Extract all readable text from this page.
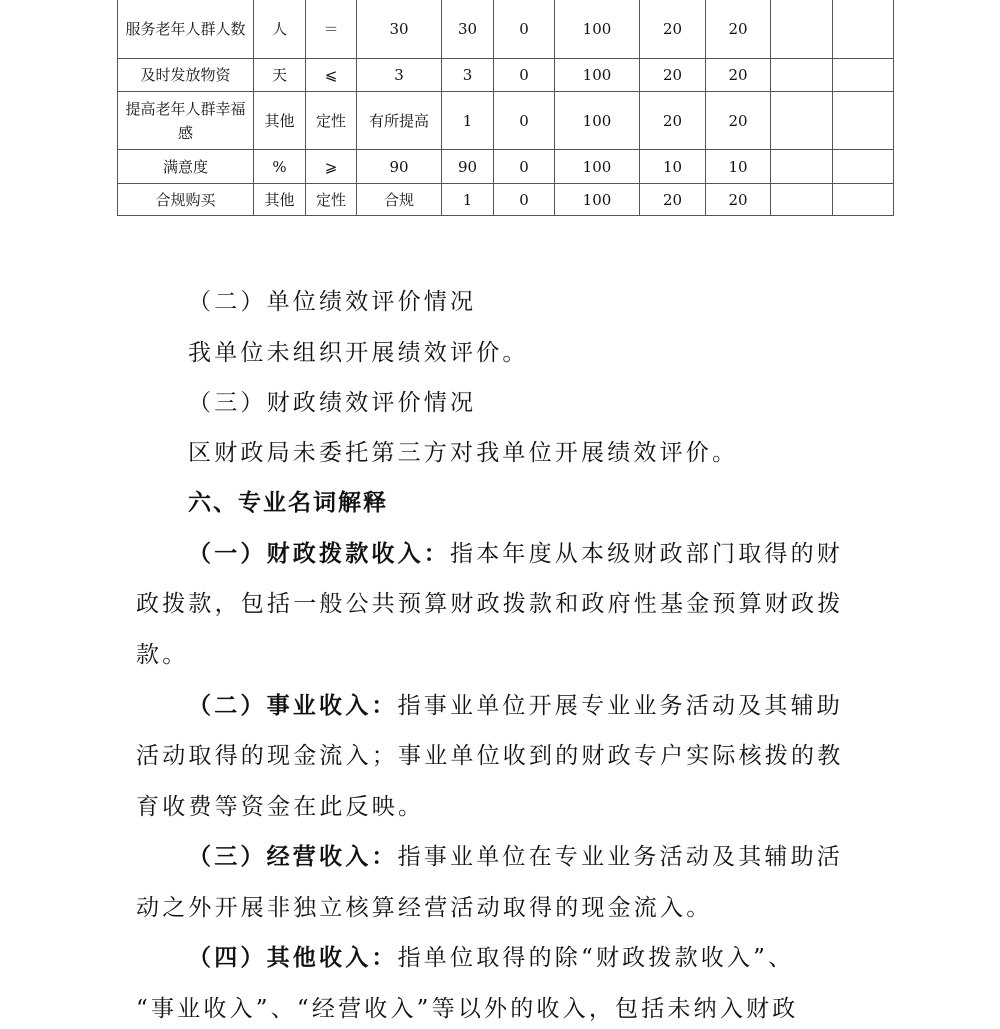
服务老年人群人数	人	＝	30	30	0	100	20	20		
及时发放物资	天	⩽	3	3	0	100	20	20		
提高老年人群幸福感	其他	定性	有所提高	1	0	100	20	20		
满意度	%	⩾	90	90	0	100	10	10		
合规购买	其他	定性	合规	1	0	100	20	20		
（二）单位绩效评价情况
我单位未组织开展绩效评价。
（三）财政绩效评价情况
区财政局未委托第三方对我单位开展绩效评价。
六、专业名词解释
（一）财政拨款收入：指本年度从本级财政部门取得的财
政拨款，包括一般公共预算财政拨款和政府性基金预算财政拨
款。
（二）事业收入：指事业单位开展专业业务活动及其辅助
活动取得的现金流入；事业单位收到的财政专户实际核拨的教
育收费等资金在此反映。
（三）经营收入：指事业单位在专业业务活动及其辅助活
动之外开展非独立核算经营活动取得的现金流入。
（四）其他收入：指单位取得的除“财政拨款收入”、
“事业收入”、“经营收入”等以外的收入，包括未纳入财政
